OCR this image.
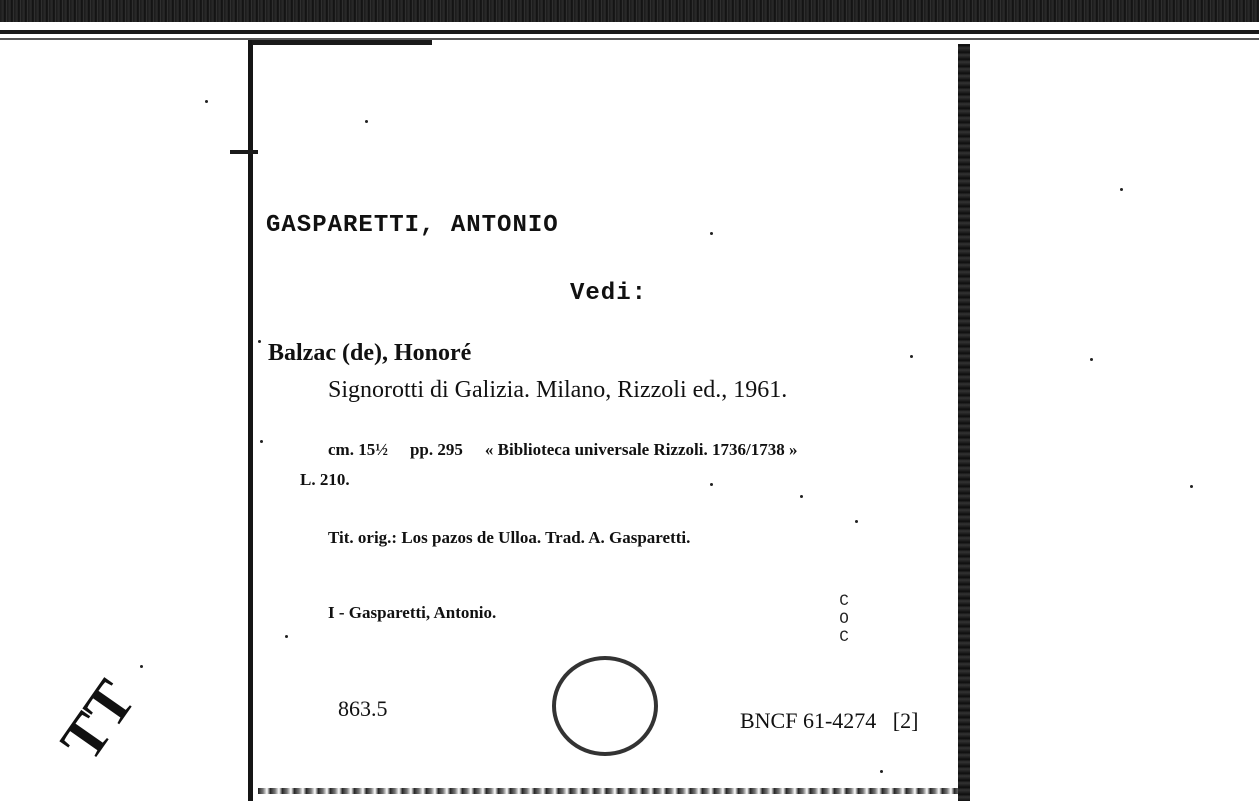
GASPARETTI, ANTONIO
Vedi:
Balzac (de), Honoré
Signorotti di Galizia. Milano, Rizzoli ed., 1961.
cm. 15½ pp. 295 « Biblioteca universale Rizzoli. 1736/1738 »
L. 210.
Tit. orig.: Los pazos de Ulloa. Trad. A. Gasparetti.
I - Gasparetti, Antonio.
863.5	BNCF 61-4274 [2]
C
O
C
TT
